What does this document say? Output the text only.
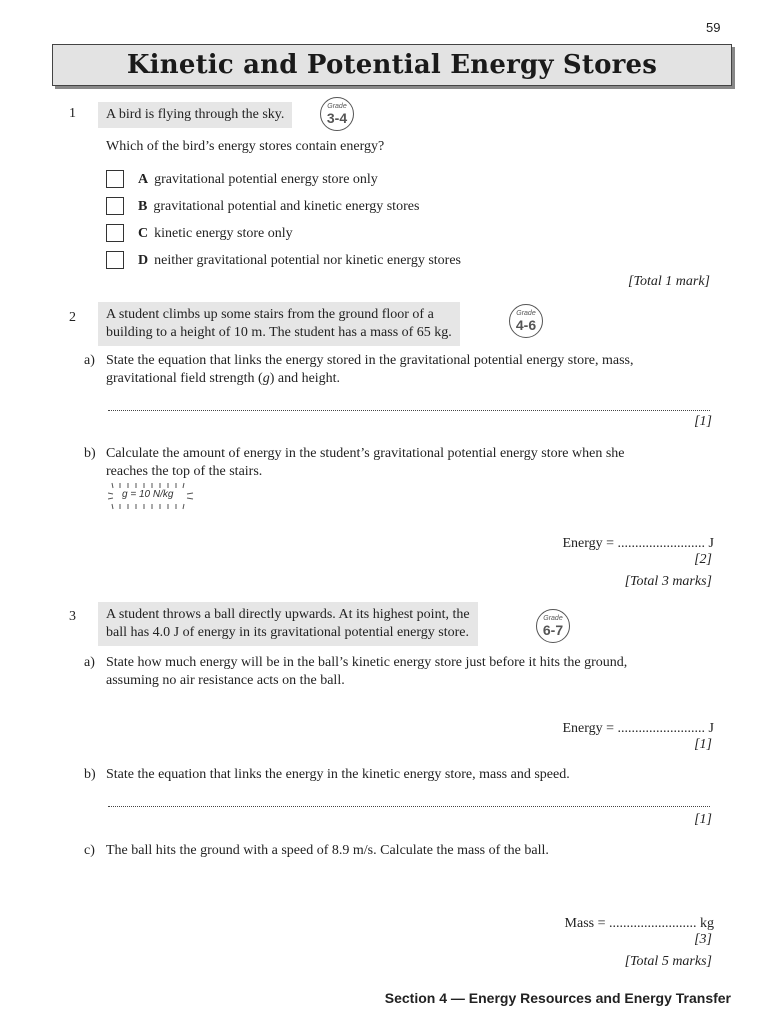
59
Kinetic and Potential Energy Stores
1	A bird is flying through the sky.
Grade
3-4
Which of the bird’s energy stores contain energy?
A gravitational potential energy store only
B gravitational potential and kinetic energy stores
C kinetic energy store only
D neither gravitational potential nor kinetic energy stores
[Total 1 mark]
2 A student climbs up some stairs from the ground floor of a
building to a height of 10 m. The student has a mass of 65 kg.
Grade
4-6
a) State the equation that links the energy stored in the gravitational potential energy store, mass,
gravitational field strength (g) and height.
[1]
b) Calculate the amount of energy in the student’s gravitational potential energy store when she
reaches the top of the stairs.
g = 10 N/kg
Energy = ......................... J
[2]
[Total 3 marks]
3 A student throws a ball directly upwards. At its highest point, the
ball has 4.0 J of energy in its gravitational potential energy store.
Grade
6-7
a) State how much energy will be in the ball’s kinetic energy store just before it hits the ground,
assuming no air resistance acts on the ball.
Energy = ......................... J
[1]
b) State the equation that links the energy in the kinetic energy store, mass and speed.
[1]
c) The ball hits the ground with a speed of 8.9 m/s. Calculate the mass of the ball.
Mass = ......................... kg
[3]
[Total 5 marks]
Section 4 — Energy Resources and Energy Transfer
